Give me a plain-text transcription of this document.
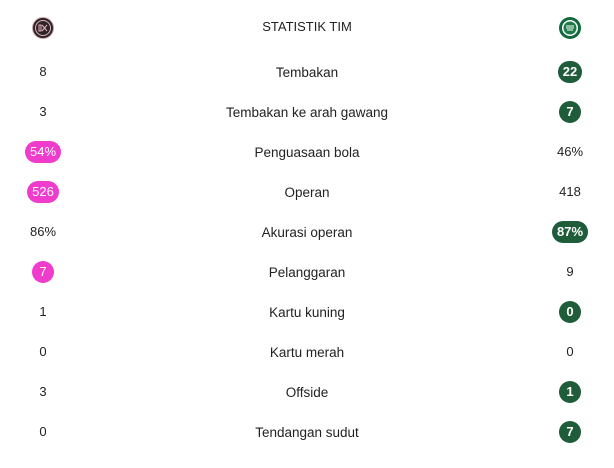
STATISTIK TIM
8	Tembakan	22
3	Tembakan ke arah gawang	7
54%	Penguasaan bola	46%
526	Operan	418
86%	Akurasi operan	87%
7	Pelanggaran	9
1	Kartu kuning	0
0	Kartu merah	0
3	Offside	1
0	Tendangan sudut	7
